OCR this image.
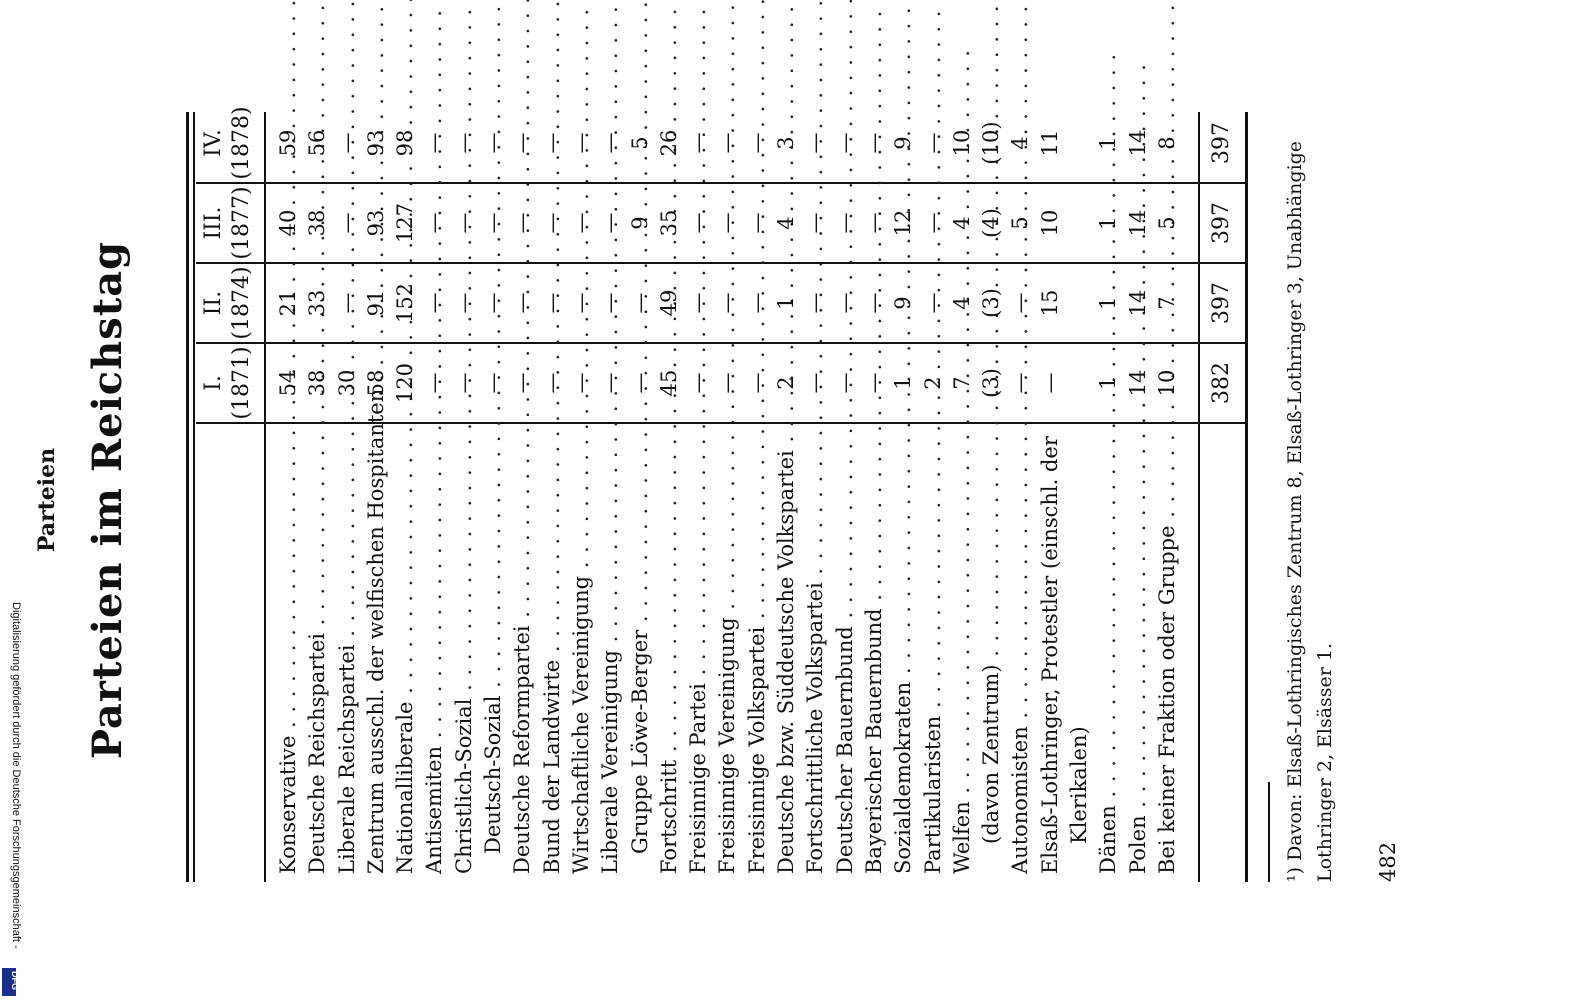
Parteien Parteien im Reichstag	I. (1871)
II. (1874)
III. (1877)
IV. (1878)
Konservative . . .
54
21
40
59
Deutsche Reichspartei . . .
38
33
38
56
Liberale Reichspartei . . .
30
—
—
—
Zentrum ausschl. der welfischen Hospitanten . . .
58
91
93
93
Nationalliberale . . .
120
152
127
98
Antisemiten . . .
—
—
—
—
Christlich-Sozial . . .
—
—
—
—
Deutsch-Sozial . . .
—
—
—
—
Deutsche Reformpartei . . .
—
—
—
—
Bund der Landwirte . . .
—
—
—
—
Wirtschaftliche Vereinigung . . .
—
—
—
—
Liberale Vereinigung . . .
—
—
—
—
Gruppe Löwe-Berger . . .
—
—
9
5
Fortschritt . . .
45
49
35
26
Freisinnige Partei . . .
—
—
—
—
Freisinnige Vereinigung . . .
—
—
—
—
Freisinnige Volkspartei . . .
—
—
—
—
Deutsche bzw. Süddeutsche Volkspartei . . .
2
1
4
3
Fortschrittliche Volkspartei . . .
—
—
—
—
Deutscher Bauernbund . . .
—
—
—
—
Bayerischer Bauernbund . . .
—
—
—
—
Sozialdemokraten . . .
1
9
12
9
Partikularisten . . .
2
—
—
—
Welfen . . .
7
4
4
10
(davon Zentrum) . . .
(3)
(3)
(4)
(10)
Autonomisten . . .
—
—
5
4
Elsaß-Lothringer, Protestler (einschl. der
—
15
10
11
Klerikalen) Dänen . . .
1
1
1
1
Polen . . .
14
14
14
14
Bei keiner Fraktion oder Gruppe . . .
10
7
5
8
382
397
397
397	¹) Davon: Elsaß-Lothringisches Zentrum 8, Elsaß-Lothringer 3, Unabhängige Lothringer 2, Elsässer 1. 482
Digitalisierung gefördert durch die Deutsche Forschungsgemeinschaft -
DFG
